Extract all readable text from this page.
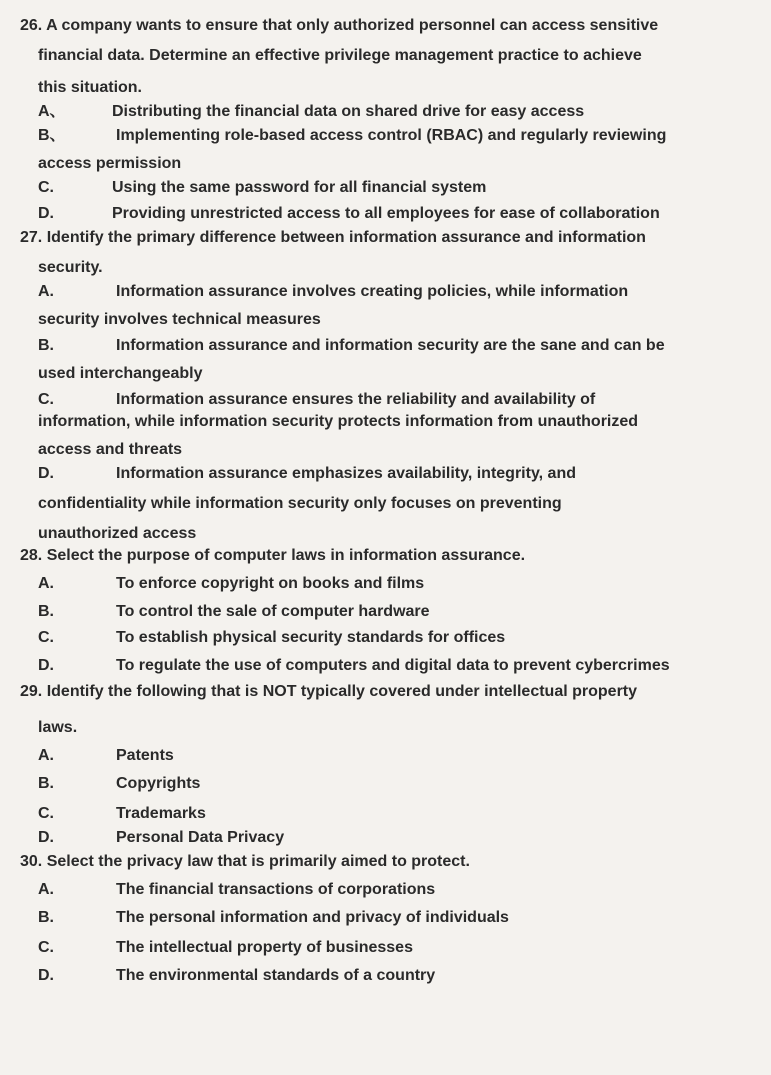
26. A company wants to ensure that only authorized personnel can access sensitive
financial data. Determine an effective privilege management practice to achieve
this situation.
A、	Distributing the financial data on shared drive for easy access
B、	Implementing role-based access control (RBAC) and regularly reviewing
access permission
C.	Using the same password for all financial system
D.	Providing unrestricted access to all employees for ease of collaboration
27. Identify the primary difference between information assurance and information
security.
A.	Information assurance involves creating policies, while information
security involves technical measures
B.	Information assurance and information security are the sane and can be
used interchangeably
C.	Information assurance ensures the reliability and availability of
information, while information security protects information from unauthorized
access and threats
D.	Information assurance emphasizes availability, integrity, and
confidentiality while information security only focuses on preventing
unauthorized access
28. Select the purpose of computer laws in information assurance.
A.	To enforce copyright on books and films
B.	To control the sale of computer hardware
C.	To establish physical security standards for offices
D.	To regulate the use of computers and digital data to prevent cybercrimes
29. Identify the following that is NOT typically covered under intellectual property
laws.
A.	Patents
B.	Copyrights
C.	Trademarks
D.	Personal Data Privacy
30. Select the privacy law that is primarily aimed to protect.
A.	The financial transactions of corporations
B.	The personal information and privacy of individuals
C.	The intellectual property of businesses
D.	The environmental standards of a country
